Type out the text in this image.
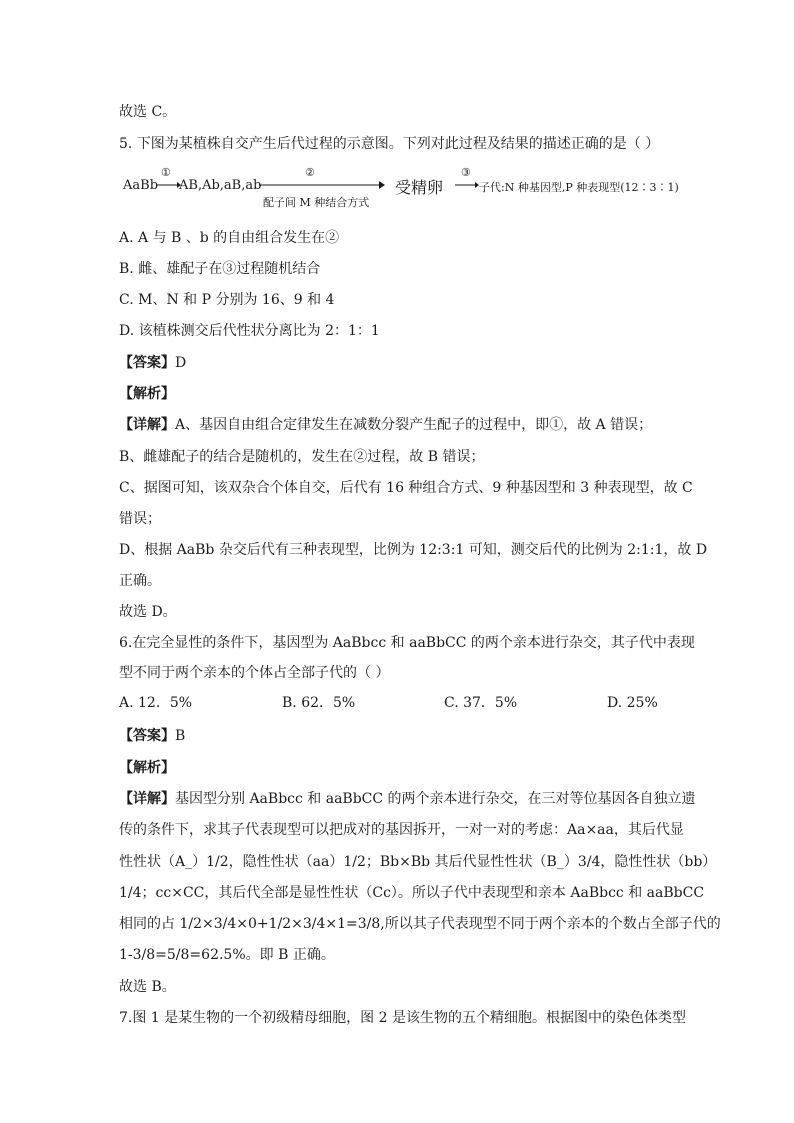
故选 C。
5. 下图为某植株自交产生后代过程的示意图。下列对此过程及结果的描述正确的是（ ）
AaBb
①
AB,Ab,aB,ab
②
配子间 M 种结合方式
受精卵
③
子代:N 种基因型,P 种表现型(12∶3∶1)
A. A 与 B 、b 的自由组合发生在②
B. 雌、雄配子在③过程随机结合
C. M、N 和 P 分别为 16、9 和 4
D. 该植株测交后代性状分离比为 2：1：1
【答案】D
【解析】
【详解】A、基因自由组合定律发生在减数分裂产生配子的过程中，即①，故 A 错误；
B、雌雄配子的结合是随机的，发生在②过程，故 B 错误；
C、据图可知，该双杂合个体自交，后代有 16 种组合方式、9 种基因型和 3 种表现型，故 C
错误；
D、根据 AaBb 杂交后代有三种表现型，比例为 12:3:1 可知，测交后代的比例为 2:1:1，故 D
正确。
故选 D。
6.在完全显性的条件下，基因型为 AaBbcc 和 aaBbCC 的两个亲本进行杂交，其子代中表现
型不同于两个亲本的个体占全部子代的（ ）
A. 12．5%	B. 62．5%	C. 37．5%	D. 25%
【答案】B
【解析】
【详解】基因型分别 AaBbcc 和 aaBbCC 的两个亲本进行杂交，在三对等位基因各自独立遗
传的条件下，求其子代表现型可以把成对的基因拆开，一对一对的考虑：Aa×aa，其后代显
性性状（A_）1/2，隐性性状（aa）1/2；Bb×Bb 其后代显性性状（B_）3/4，隐性性状（bb）
1/4；cc×CC，其后代全部是显性性状（Cc）。所以子代中表现型和亲本 AaBbcc 和 aaBbCC
相同的占 1/2×3/4×0+1/2×3/4×1=3/8,所以其子代表现型不同于两个亲本的个数占全部子代的
1-3/8=5/8=62.5%。即 B 正确。
故选 B。
7.图 1 是某生物的一个初级精母细胞，图 2 是该生物的五个精细胞。根据图中的染色体类型
